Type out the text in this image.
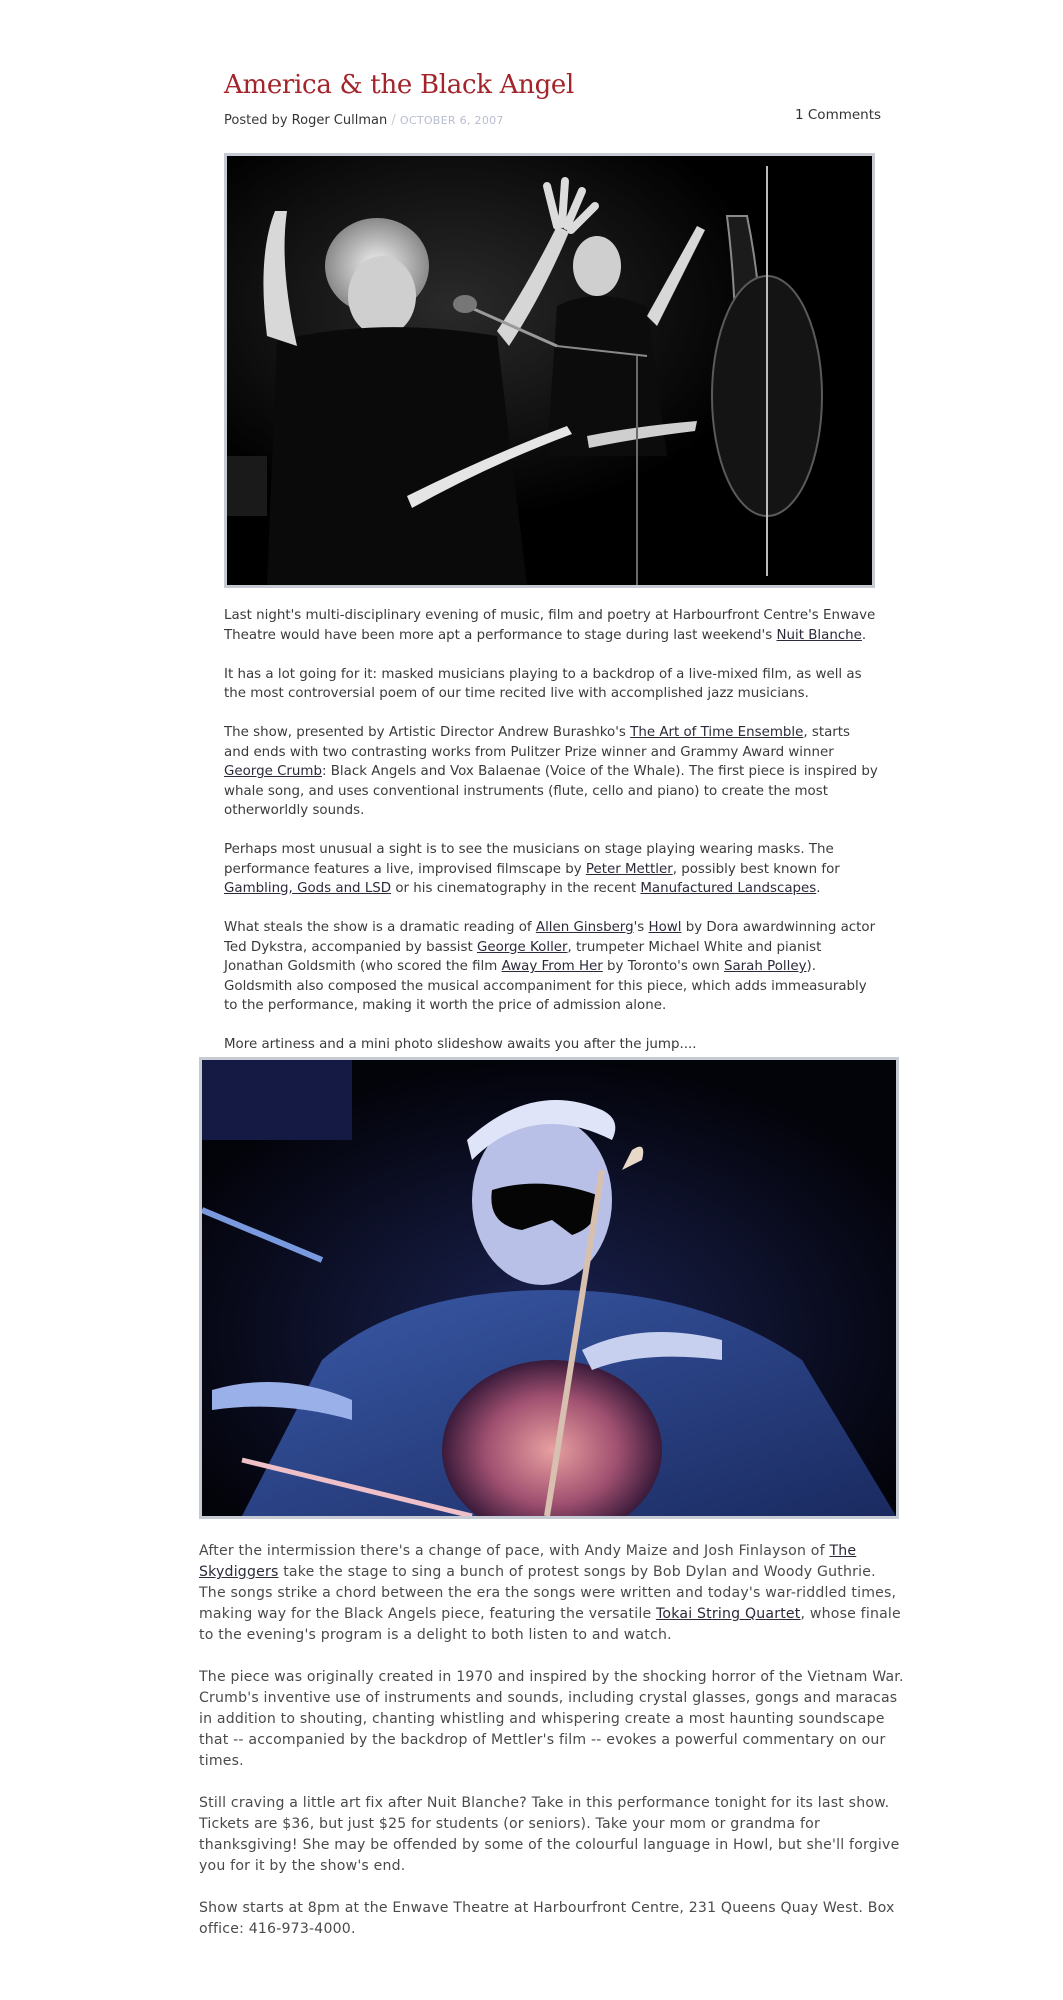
America & the Black Angel
Posted by Roger Cullman / OCTOBER 6, 2007	1 Comments

Last night's multi-disciplinary evening of music, film and poetry at Harbourfront Centre's Enwave Theatre would have been more apt a performance to stage during last weekend's Nuit Blanche.

It has a lot going for it: masked musicians playing to a backdrop of a live-mixed film, as well as the most controversial poem of our time recited live with accomplished jazz musicians.

The show, presented by Artistic Director Andrew Burashko's The Art of Time Ensemble, starts and ends with two contrasting works from Pulitzer Prize winner and Grammy Award winner George Crumb: Black Angels and Vox Balaenae (Voice of the Whale). The first piece is inspired by whale song, and uses conventional instruments (flute, cello and piano) to create the most otherworldly sounds.

Perhaps most unusual a sight is to see the musicians on stage playing wearing masks. The performance features a live, improvised filmscape by Peter Mettler, possibly best known for Gambling, Gods and LSD or his cinematography in the recent Manufactured Landscapes.

What steals the show is a dramatic reading of Allen Ginsberg's Howl by Dora awardwinning actor Ted Dykstra, accompanied by bassist George Koller, trumpeter Michael White and pianist Jonathan Goldsmith (who scored the film Away From Her by Toronto's own Sarah Polley). Goldsmith also composed the musical accompaniment for this piece, which adds immeasurably to the performance, making it worth the price of admission alone.

More artiness and a mini photo slideshow awaits you after the jump....

After the intermission there's a change of pace, with Andy Maize and Josh Finlayson of The Skydiggers take the stage to sing a bunch of protest songs by Bob Dylan and Woody Guthrie. The songs strike a chord between the era the songs were written and today's war-riddled times, making way for the Black Angels piece, featuring the versatile Tokai String Quartet, whose finale to the evening's program is a delight to both listen to and watch.

The piece was originally created in 1970 and inspired by the shocking horror of the Vietnam War. Crumb's inventive use of instruments and sounds, including crystal glasses, gongs and maracas in addition to shouting, chanting whistling and whispering create a most haunting soundscape that -- accompanied by the backdrop of Mettler's film -- evokes a powerful commentary on our times.

Still craving a little art fix after Nuit Blanche? Take in this performance tonight for its last show. Tickets are $36, but just $25 for students (or seniors). Take your mom or grandma for thanksgiving! She may be offended by some of the colourful language in Howl, but she'll forgive you for it by the show's end.

Show starts at 8pm at the Enwave Theatre at Harbourfront Centre, 231 Queens Quay West. Box office: 416-973-4000.
